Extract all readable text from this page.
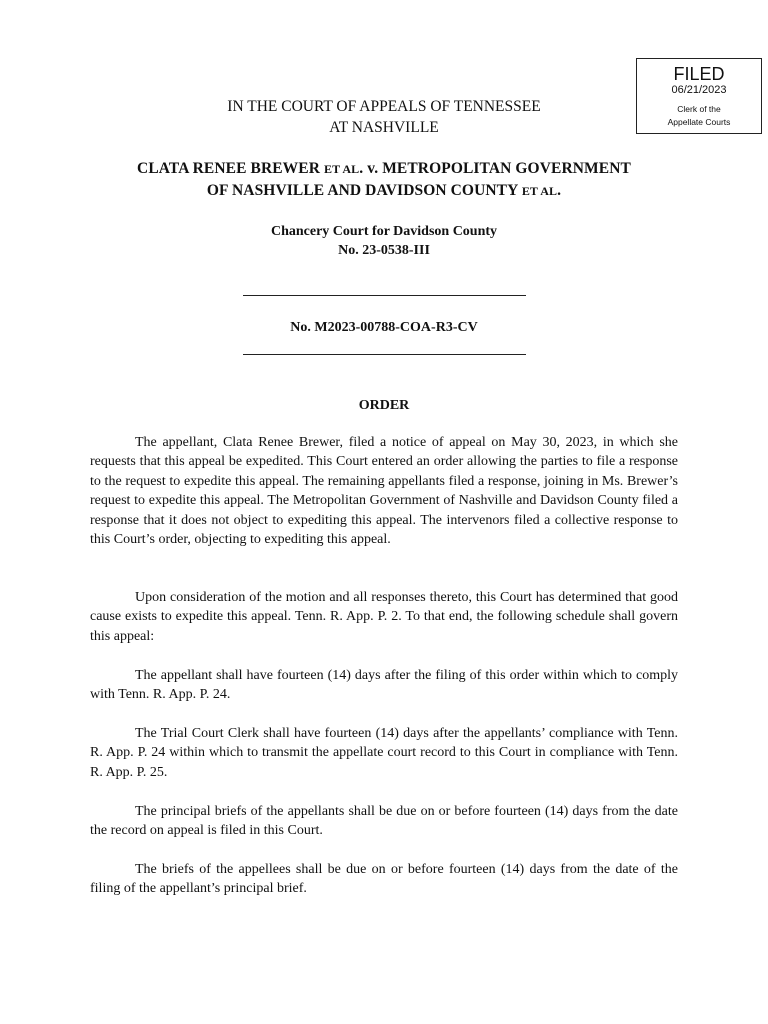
FILED
06/21/2023
Clerk of the
Appellate Courts
IN THE COURT OF APPEALS OF TENNESSEE
AT NASHVILLE
CLATA RENEE BREWER ET AL. v. METROPOLITAN GOVERNMENT
OF NASHVILLE AND DAVIDSON COUNTY ET AL.
Chancery Court for Davidson County
No. 23-0538-III
No. M2023-00788-COA-R3-CV
ORDER

The appellant, Clata Renee Brewer, filed a notice of appeal on May 30, 2023, in which she requests that this appeal be expedited. This Court entered an order allowing the parties to file a response to the request to expedite this appeal. The remaining appellants filed a response, joining in Ms. Brewer’s request to expedite this appeal. The Metropolitan Government of Nashville and Davidson County filed a response that it does not object to expediting this appeal. The intervenors filed a collective response to this Court’s order, objecting to expediting this appeal.

Upon consideration of the motion and all responses thereto, this Court has determined that good cause exists to expedite this appeal. Tenn. R. App. P. 2. To that end, the following schedule shall govern this appeal:

The appellant shall have fourteen (14) days after the filing of this order within which to comply with Tenn. R. App. P. 24.

The Trial Court Clerk shall have fourteen (14) days after the appellants’ compliance with Tenn. R. App. P. 24 within which to transmit the appellate court record to this Court in compliance with Tenn. R. App. P. 25.

The principal briefs of the appellants shall be due on or before fourteen (14) days from the date the record on appeal is filed in this Court.

The briefs of the appellees shall be due on or before fourteen (14) days from the date of the filing of the appellant’s principal brief.
